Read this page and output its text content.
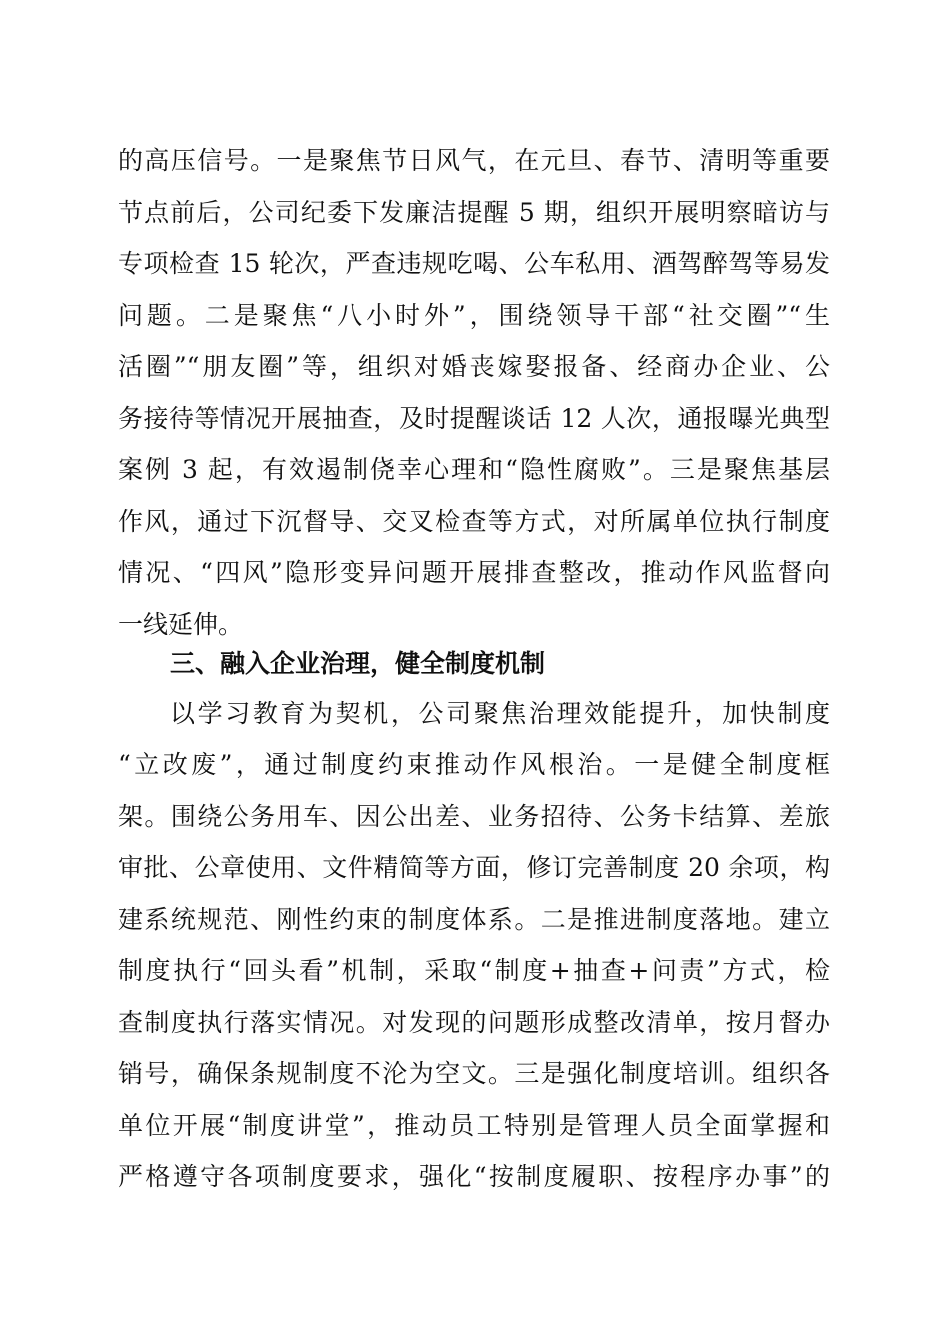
的高压信号。一是聚焦节日风气，在元旦、春节、清明等重要
节点前后，公司纪委下发廉洁提醒 5 期，组织开展明察暗访与
专项检查 15 轮次，严查违规吃喝、公车私用、酒驾醉驾等易发
问题。二是聚焦“八小时外”，围绕领导干部“社交圈”“生
活圈”“朋友圈”等，组织对婚丧嫁娶报备、经商办企业、公
务接待等情况开展抽查，及时提醒谈话 12 人次，通报曝光典型
案例 3 起，有效遏制侥幸心理和“隐性腐败”。三是聚焦基层
作风，通过下沉督导、交叉检查等方式，对所属单位执行制度
情况、“四风”隐形变异问题开展排查整改，推动作风监督向
一线延伸。
三、融入企业治理，健全制度机制
以学习教育为契机，公司聚焦治理效能提升，加快制度
“立改废”，通过制度约束推动作风根治。一是健全制度框
架。围绕公务用车、因公出差、业务招待、公务卡结算、差旅
审批、公章使用、文件精简等方面，修订完善制度 20 余项，构
建系统规范、刚性约束的制度体系。二是推进制度落地。建立
制度执行“回头看”机制，采取“制度+抽查+问责”方式，检
查制度执行落实情况。对发现的问题形成整改清单，按月督办
销号，确保条规制度不沦为空文。三是强化制度培训。组织各
单位开展“制度讲堂”，推动员工特别是管理人员全面掌握和
严格遵守各项制度要求，强化“按制度履职、按程序办事”的
